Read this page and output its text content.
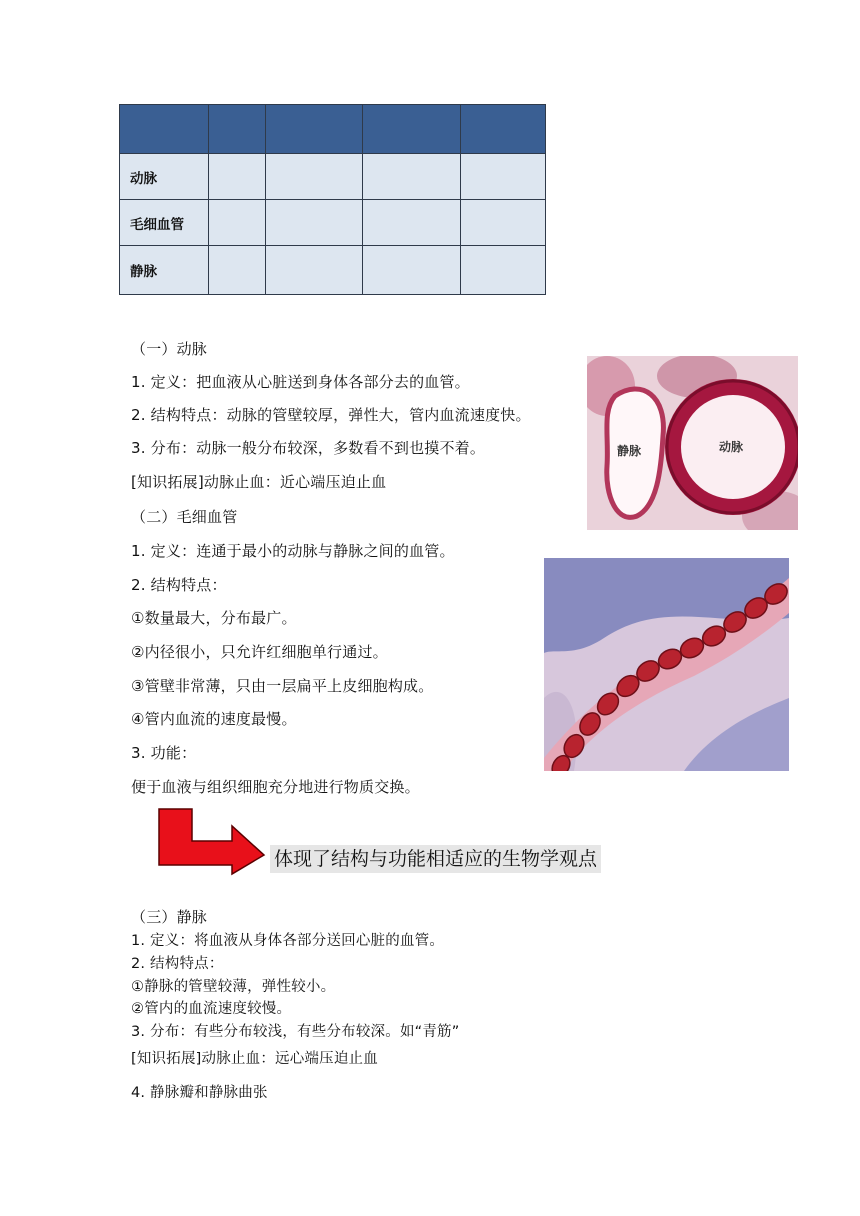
动脉				
毛细血管				
静脉				
（一）动脉
1. 定义：把血液从心脏送到身体各部分去的血管。
2. 结构特点：动脉的管壁较厚，弹性大，管内血流速度快。
3. 分布：动脉一般分布较深，多数看不到也摸不着。
[知识拓展]动脉止血：近心端压迫止血
（二）毛细血管
1. 定义：连通于最小的动脉与静脉之间的血管。
2. 结构特点：
①数量最大，分布最广。
②内径很小，只允许红细胞单行通过。
③管壁非常薄，只由一层扁平上皮细胞构成。
④管内血流的速度最慢。
3. 功能：
便于血液与组织细胞充分地进行物质交换。
体现了结构与功能相适应的生物学观点
（三）静脉
1. 定义：将血液从身体各部分送回心脏的血管。
2. 结构特点：
①静脉的管壁较薄，弹性较小。
②管内的血流速度较慢。
3. 分布：有些分布较浅，有些分布较深。如“青筋”
[知识拓展]动脉止血：远心端压迫止血
4. 静脉瓣和静脉曲张
静脉	动脉
